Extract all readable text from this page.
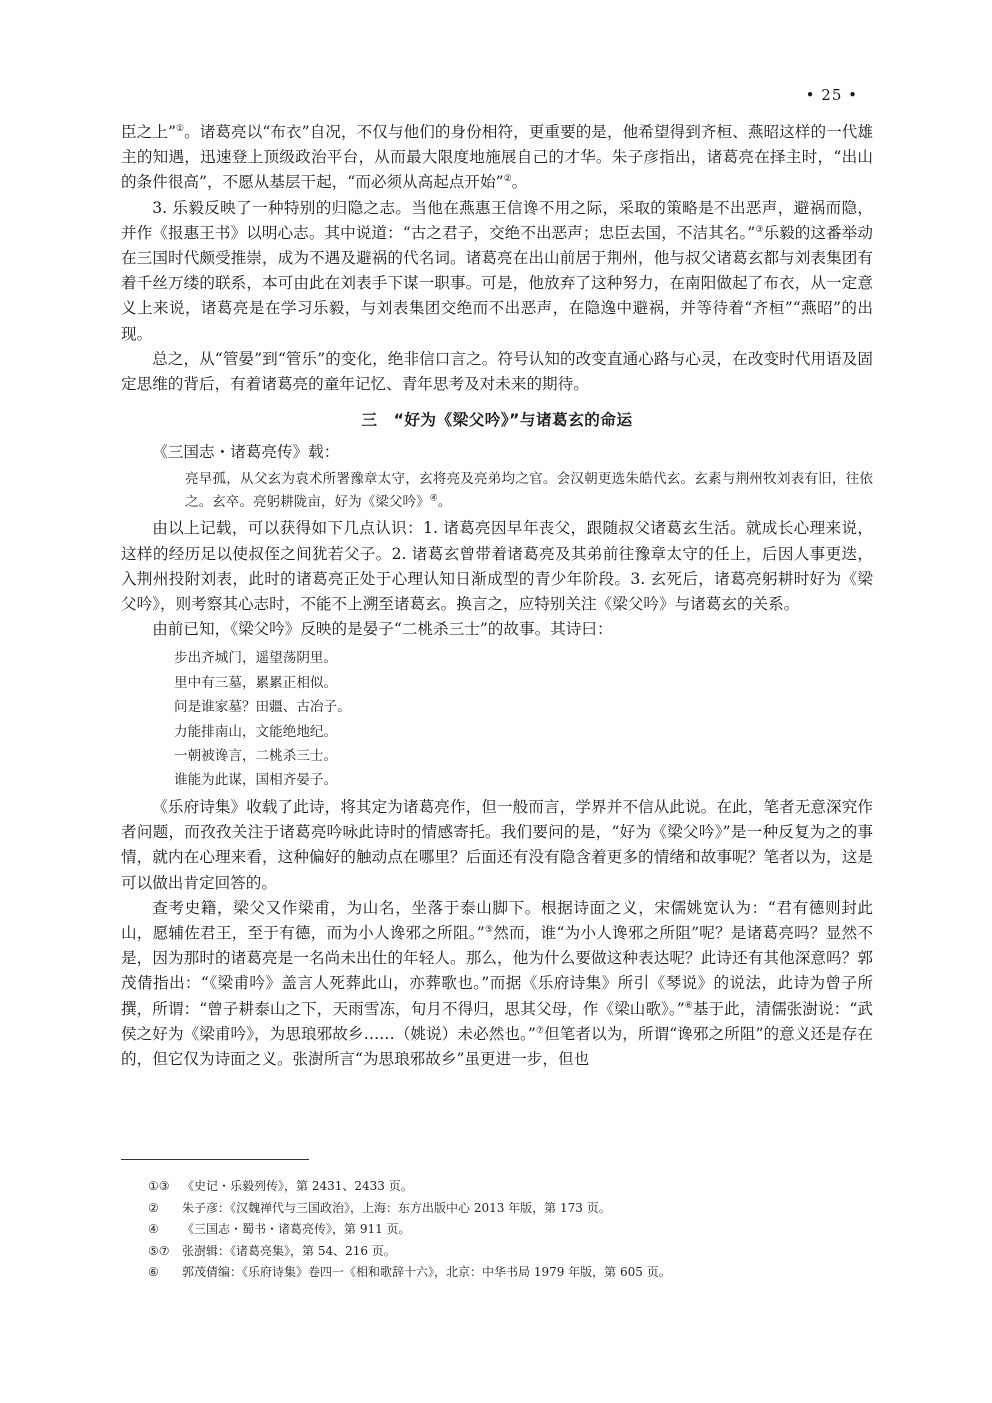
• 25 •

臣之上”①。诸葛亮以“布衣”自况，不仅与他们的身份相符，更重要的是，他希望得到齐桓、燕昭这样的一代雄主的知遇，迅速登上顶级政治平台，从而最大限度地施展自己的才华。朱子彦指出，诸葛亮在择主时，“出山的条件很高”，不愿从基层干起，“而必须从高起点开始”②。

3. 乐毅反映了一种特别的归隐之志。当他在燕惠王信谗不用之际，采取的策略是不出恶声，避祸而隐，并作《报惠王书》以明心志。其中说道：“古之君子，交绝不出恶声；忠臣去国，不洁其名。”③乐毅的这番举动在三国时代颇受推崇，成为不遇及避祸的代名词。诸葛亮在出山前居于荆州，他与叔父诸葛玄都与刘表集团有着千丝万缕的联系，本可由此在刘表手下谋一职事。可是，他放弃了这种努力，在南阳做起了布衣，从一定意义上来说，诸葛亮是在学习乐毅，与刘表集团交绝而不出恶声，在隐逸中避祸，并等待着“齐桓”“燕昭”的出现。

总之，从“管晏”到“管乐”的变化，绝非信口言之。符号认知的改变直通心路与心灵，在改变时代用语及固定思维的背后，有着诸葛亮的童年记忆、青年思考及对未来的期待。

三　“好为《梁父吟》”与诸葛玄的命运

《三国志・诸葛亮传》载：

亮早孤，从父玄为袁术所署豫章太守，玄将亮及亮弟均之官。会汉朝更选朱皓代玄。玄素与荆州牧刘表有旧，往依之。玄卒。亮躬耕陇亩，好为《梁父吟》④。

由以上记载，可以获得如下几点认识：1. 诸葛亮因早年丧父，跟随叔父诸葛玄生活。就成长心理来说，这样的经历足以使叔侄之间犹若父子。2. 诸葛玄曾带着诸葛亮及其弟前往豫章太守的任上，后因人事更迭，入荆州投附刘表，此时的诸葛亮正处于心理认知日渐成型的青少年阶段。3. 玄死后，诸葛亮躬耕时好为《梁父吟》，则考察其心志时，不能不上溯至诸葛玄。换言之，应特别关注《梁父吟》与诸葛玄的关系。

由前已知，《梁父吟》反映的是晏子“二桃杀三士”的故事。其诗曰：

步出齐城门，遥望荡阴里。
里中有三墓，累累正相似。
问是谁家墓？田疆、古冶子。
力能排南山，文能绝地纪。
一朝被谗言，二桃杀三士。
谁能为此谋，国相齐晏子。

《乐府诗集》收载了此诗，将其定为诸葛亮作，但一般而言，学界并不信从此说。在此，笔者无意深究作者问题，而孜孜关注于诸葛亮吟咏此诗时的情感寄托。我们要问的是，“好为《梁父吟》”是一种反复为之的事情，就内在心理来看，这种偏好的触动点在哪里？后面还有没有隐含着更多的情绪和故事呢？笔者以为，这是可以做出肯定回答的。

查考史籍，梁父又作梁甫，为山名，坐落于泰山脚下。根据诗面之义，宋儒姚宽认为：“君有德则封此山，愿辅佐君王，至于有德，而为小人谗邪之所阻。”⑤然而，谁“为小人谗邪之所阻”呢？是诸葛亮吗？显然不是，因为那时的诸葛亮是一名尚未出仕的年轻人。那么，他为什么要做这种表达呢？此诗还有其他深意吗？郭茂倩指出：“《梁甫吟》盖言人死葬此山，亦葬歌也。”而据《乐府诗集》所引《琴说》的说法，此诗为曾子所撰，所谓：“曾子耕泰山之下，天雨雪冻，旬月不得归，思其父母，作《梁山歌》。”⑥基于此，清儒张澍说：“武侯之好为《梁甫吟》，为思琅邪故乡……（姚说）未必然也。”⑦但笔者以为，所谓“谗邪之所阻”的意义还是存在的，但它仅为诗面之义。张澍所言“为思琅邪故乡”虽更进一步，但也

①③ 《史记・乐毅列传》，第 2431、2433 页。
② 朱子彦：《汉魏禅代与三国政治》，上海：东方出版中心 2013 年版，第 173 页。
④ 《三国志・蜀书・诸葛亮传》，第 911 页。
⑤⑦ 张澍辑：《诸葛亮集》，第 54、216 页。
⑥ 郭茂倩编：《乐府诗集》卷四一《相和歌辞十六》，北京：中华书局 1979 年版，第 605 页。
